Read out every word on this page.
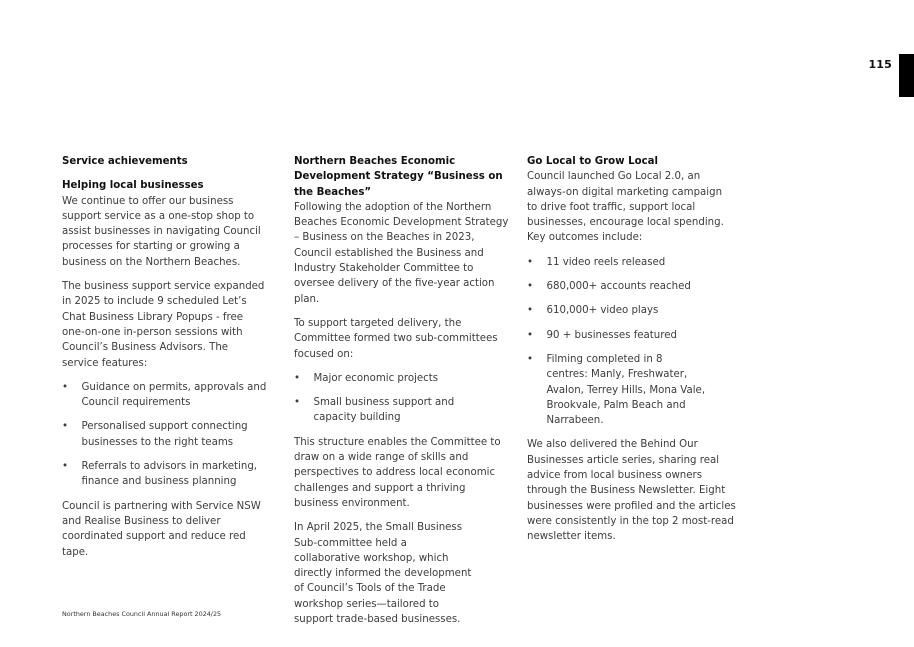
115

Service achievements

Helping local businesses

We continue to offer our business support service as a one-stop shop to assist businesses in navigating Council processes for starting or growing a business on the Northern Beaches.

The business support service expanded in 2025 to include 9 scheduled Let’s Chat Business Library Popups - free one-on-one in-person sessions with Council’s Business Advisors. The service features:

• Guidance on permits, approvals and Council requirements
• Personalised support connecting businesses to the right teams
• Referrals to advisors in marketing, finance and business planning

Council is partnering with Service NSW and Realise Business to deliver coordinated support and reduce red tape.

Northern Beaches Economic Development Strategy “Business on the Beaches”

Following the adoption of the Northern Beaches Economic Development Strategy – Business on the Beaches in 2023, Council established the Business and Industry Stakeholder Committee to oversee delivery of the five-year action plan.

To support targeted delivery, the Committee formed two sub-committees focused on:

• Major economic projects
• Small business support and capacity building

This structure enables the Committee to draw on a wide range of skills and perspectives to address local economic challenges and support a thriving business environment.

In April 2025, the Small Business Sub-committee held a collaborative workshop, which directly informed the development of Council’s Tools of the Trade workshop series—tailored to support trade-based businesses.

Go Local to Grow Local

Council launched Go Local 2.0, an always-on digital marketing campaign to drive foot traffic, support local businesses, encourage local spending. Key outcomes include:

• 11 video reels released
• 680,000+ accounts reached
• 610,000+ video plays
• 90 + businesses featured
• Filming completed in 8 centres: Manly, Freshwater, Avalon, Terrey Hills, Mona Vale, Brookvale, Palm Beach and Narrabeen.

We also delivered the Behind Our Businesses article series, sharing real advice from local business owners through the Business Newsletter. Eight businesses were profiled and the articles were consistently in the top 2 most-read newsletter items.

Northern Beaches Council Annual Report 2024/25
